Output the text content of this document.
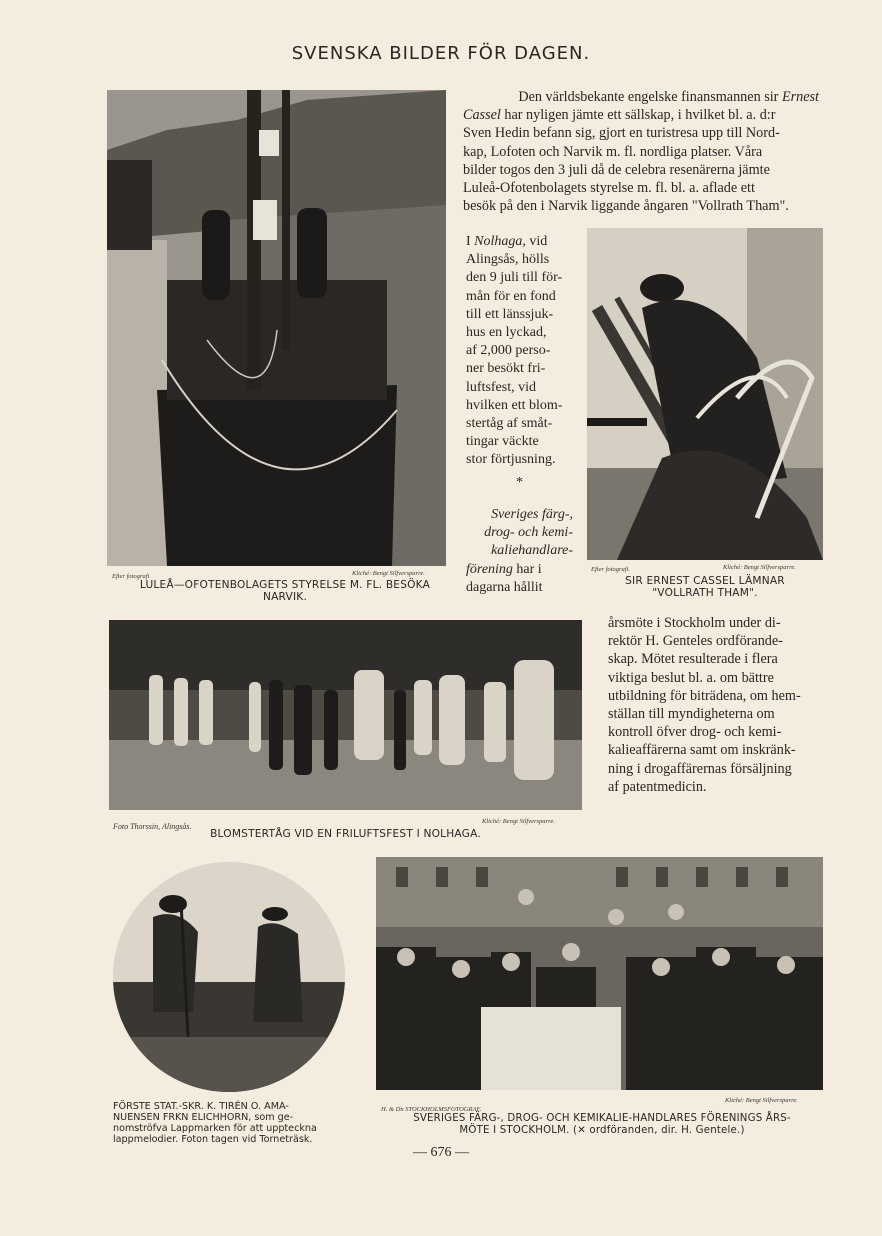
SVENSKA BILDER FÖR DAGEN.
Efter fotografi	Kliché: Bengt Silfversparre.
LULEÅ—OFOTENBOLAGETS STYRELSE M. FL. BESÖKA
NARVIK.
Den världsbekante engelske finansmannen sir Ernest
Cassel har nyligen jämte ett sällskap, i hvilket bl. a. d:r
Sven Hedin befann sig, gjort en turistresa upp till Nord-
kap, Lofoten och Narvik m. fl. nordliga platser. Våra
bilder togos den 3 juli då de celebra resenärerna jämte
Luleå-Ofotenbolagets styrelse m. fl. bl. a. aflade ett
besök på den i Narvik liggande ångaren "Vollrath Tham".
I Nolhaga, vid
Alingsås, hölls
den 9 juli till för-
mån för en fond
till ett länssjuk-
hus en lyckad,
af 2,000 perso-
ner besökt fri-
luftsfest, vid
hvilken ett blom-
stertåg af småt-
tingar väckte
stor förtjusning.
*
Sveriges färg-,
drog- och kemi-
kaliehandlare-
förening har i
dagarna hållit
Efter fotografi.	Kliché: Bengt Silfversparre.
SIR ERNEST CASSEL LÄMNAR
"VOLLRATH THAM".
årsmöte i Stockholm under di-
rektör H. Genteles ordförande-
skap. Mötet resulterade i flera
viktiga beslut bl. a. om bättre
utbildning för biträdena, om hem-
ställan till myndigheterna om
kontroll öfver drog- och kemi-
kalieaffärerna samt om inskränk-
ning i drogaffärernas försäljning
af patentmedicin.
Foto Thorssin, Alingsås.
Kliché: Bengt Silfversparre.
BLOMSTERTÅG VID EN FRILUFTSFEST I NOLHAGA.
FÖRSTE STAT.-SKR. K. TIRÉN O. AMA-
NUENSEN FRKN ELICHHORN, som ge-
nomströfva Lappmarken för att uppteckna
lappmelodier. Foton tagen vid Torneträsk.
H. & Dn STOCKHOLMSFOTOGRAF.
Kliché: Bengt Silfversparre.
SVERIGES FÄRG-, DROG- OCH KEMIKALIE-HANDLARES FÖRENINGS ÅRS-
MÖTE I STOCKHOLM. (✕ ordföranden, dir. H. Gentele.)
— 676 —
